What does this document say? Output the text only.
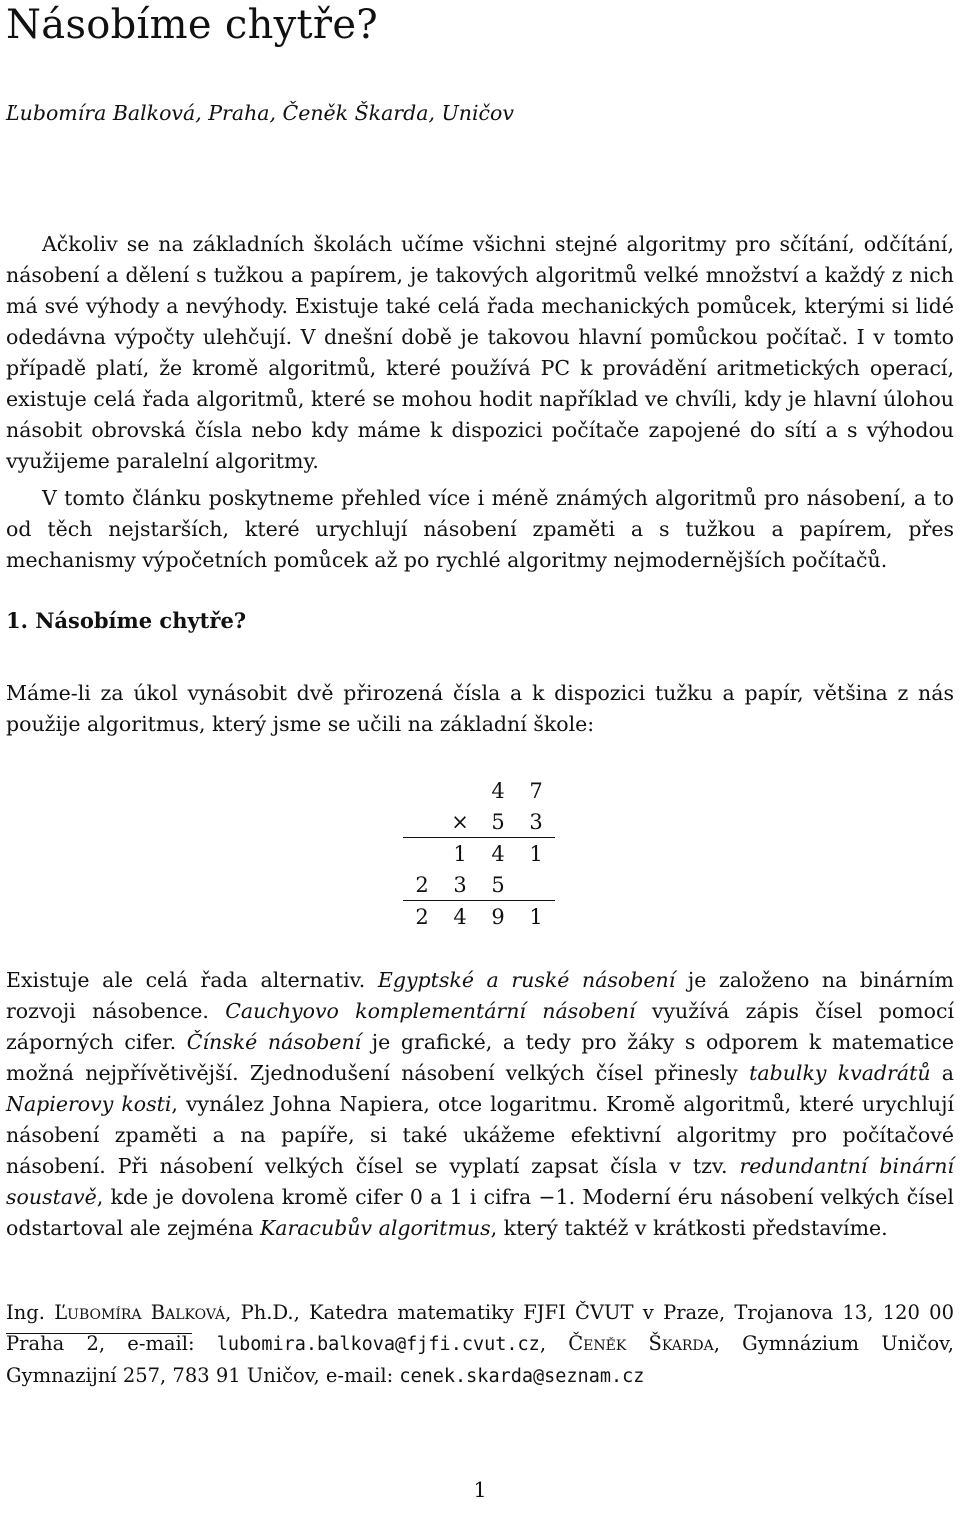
Násobíme chytře?
Ľubomíra Balková, Praha, Čeněk Škarda, Uničov

Ačkoliv se na základních školách učíme všichni stejné algoritmy pro sčítání, odčítání, násobení a dělení s tužkou a papírem, je takových algoritmů velké množství a každý z nich má své výhody a nevýhody. Existuje také celá řada mechanických pomůcek, kterými si lidé odedávna výpočty ulehčují. V dnešní době je takovou hlavní pomůckou počítač. I v tomto případě platí, že kromě algoritmů, které používá PC k provádění aritmetických operací, existuje celá řada algoritmů, které se mohou hodit například ve chvíli, kdy je hlavní úlohou násobit obrovská čísla nebo kdy máme k dispozici počítače zapojené do sítí a s výhodou využijeme paralelní algoritmy.

V tomto článku poskytneme přehled více i méně známých algoritmů pro násobení, a to od těch nejstarších, které urychlují násobení zpaměti a s tužkou a papírem, přes mechanismy výpočetních pomůcek až po rychlé algoritmy nejmodernějších počítačů.

1. Násobíme chytře?

Máme-li za úkol vynásobit dvě přirozená čísla a k dispozici tužku a papír, většina z nás použije algoritmus, který jsme se učili na základní škole:

		4	7
	×	5	3
	1	4	1
2	3	5	
2	4	9	1

Existuje ale celá řada alternativ. Egyptské a ruské násobení je založeno na binárním rozvoji násobence. Cauchyovo komplementární násobení využívá zápis čísel pomocí záporných cifer. Čínské násobení je grafické, a tedy pro žáky s odporem k matematice možná nejpřívětivější. Zjednodušení násobení velkých čísel přinesly tabulky kvadrátů a Napierovy kosti, vynález Johna Napiera, otce logaritmu. Kromě algoritmů, které urychlují násobení zpaměti a na papíře, si také ukážeme efektivní algoritmy pro počítačové násobení. Při násobení velkých čísel se vyplatí zapsat čísla v tzv. redundantní binární soustavě, kde je dovolena kromě cifer 0 a 1 i cifra −1. Moderní éru násobení velkých čísel odstartoval ale zejména Karacubův algoritmus, který taktéž v krátkosti představíme.

Ing. Ľubomíra Balková, Ph.D., Katedra matematiky FJFI ČVUT v Praze, Trojanova 13, 120 00 Praha 2, e-mail: lubomira.balkova@fjfi.cvut.cz, Čeněk Škarda, Gymnázium Uničov, Gymnazijní 257, 783 91 Uničov, e-mail: cenek.skarda@seznam.cz

1
